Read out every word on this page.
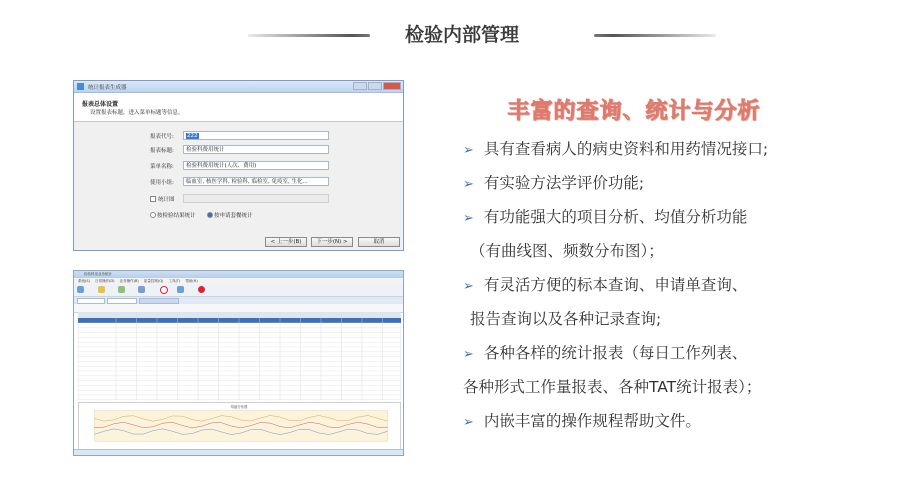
检验内部管理
统计报表生成器
报表总体设置
设置报表标题，进入菜单标题等信息。
报表代号:	222
报表标题:	检验科费用统计
菜单名称:	检验科费用统计(人次、费用)
使用小组:	临血室, 核医学科, 检验科, 临检室, 免疫室, 生化...
统计图
按检验结果统计	按申请套餐统计
< 上一步(B)	下一步(N) >	取消
检验科室业务统计
系统(S) 日常操作(D) 业务操作(B) 质量控制(Q) 工具(T) 帮助(H)
均值分布图
丰富的查询、统计与分析
➢ 具有查看病人的病史资料和用药情况接口;
➢ 有实验方法学评价功能;
➢ 有功能强大的项目分析、均值分析功能
（有曲线图、频数分布图）；
➢ 有灵活方便的标本查询、申请单查询、
报告查询以及各种记录查询;
➢ 各种各样的统计报表（每日工作列表、
各种形式工作量报表、各种TAT统计报表）；
➢ 内嵌丰富的操作规程帮助文件。
